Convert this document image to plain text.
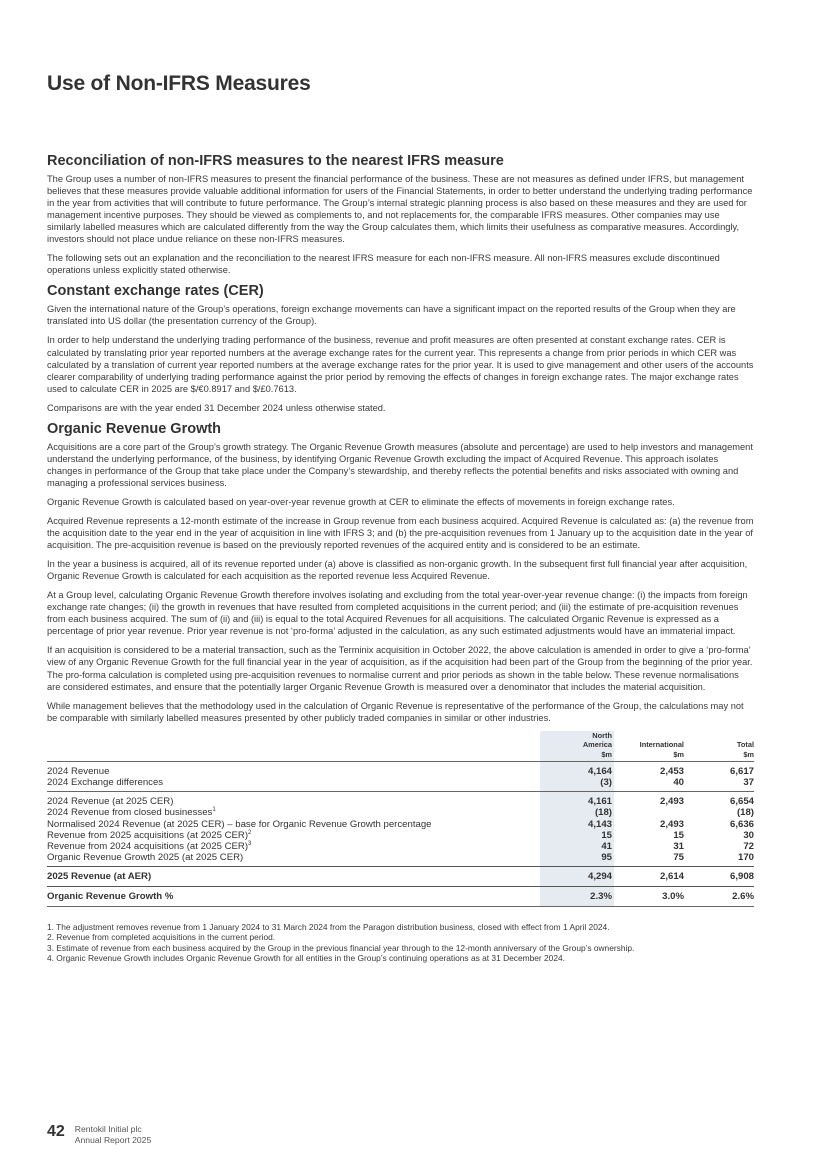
Use of Non-IFRS Measures
Reconciliation of non-IFRS measures to the nearest IFRS measure

The Group uses a number of non-IFRS measures to present the financial performance of the business. These are not measures as defined under IFRS, but management believes that these measures provide valuable additional information for users of the Financial Statements, in order to better understand the underlying trading performance in the year from activities that will contribute to future performance. The Group’s internal strategic planning process is also based on these measures and they are used for management incentive purposes. They should be viewed as complements to, and not replacements for, the comparable IFRS measures. Other companies may use similarly labelled measures which are calculated differently from the way the Group calculates them, which limits their usefulness as comparative measures. Accordingly, investors should not place undue reliance on these non-IFRS measures.

The following sets out an explanation and the reconciliation to the nearest IFRS measure for each non-IFRS measure. All non-IFRS measures exclude discontinued operations unless explicitly stated otherwise.

Constant exchange rates (CER)

Given the international nature of the Group’s operations, foreign exchange movements can have a significant impact on the reported results of the Group when they are translated into US dollar (the presentation currency of the Group).

In order to help understand the underlying trading performance of the business, revenue and profit measures are often presented at constant exchange rates. CER is calculated by translating prior year reported numbers at the average exchange rates for the current year. This represents a change from prior periods in which CER was calculated by a translation of current year reported numbers at the average exchange rates for the prior year. It is used to give management and other users of the accounts clearer comparability of underlying trading performance against the prior period by removing the effects of changes in foreign exchange rates. The major exchange rates used to calculate CER in 2025 are $/€0.8917 and $/£0.7613.

Comparisons are with the year ended 31 December 2024 unless otherwise stated.

Organic Revenue Growth

Acquisitions are a core part of the Group’s growth strategy. The Organic Revenue Growth measures (absolute and percentage) are used to help investors and management understand the underlying performance, of the business, by identifying Organic Revenue Growth excluding the impact of Acquired Revenue. This approach isolates changes in performance of the Group that take place under the Company’s stewardship, and thereby reflects the potential benefits and risks associated with owning and managing a professional services business.

Organic Revenue Growth is calculated based on year-over-year revenue growth at CER to eliminate the effects of movements in foreign exchange rates.

Acquired Revenue represents a 12-month estimate of the increase in Group revenue from each business acquired. Acquired Revenue is calculated as: (a) the revenue from the acquisition date to the year end in the year of acquisition in line with IFRS 3; and (b) the pre-acquisition revenues from 1 January up to the acquisition date in the year of acquisition. The pre-acquisition revenue is based on the previously reported revenues of the acquired entity and is considered to be an estimate.

In the year a business is acquired, all of its revenue reported under (a) above is classified as non-organic growth. In the subsequent first full financial year after acquisition, Organic Revenue Growth is calculated for each acquisition as the reported revenue less Acquired Revenue.

At a Group level, calculating Organic Revenue Growth therefore involves isolating and excluding from the total year-over-year revenue change: (i) the impacts from foreign exchange rate changes; (ii) the growth in revenues that have resulted from completed acquisitions in the current period; and (iii) the estimate of pre-acquisition revenues from each business acquired. The sum of (ii) and (iii) is equal to the total Acquired Revenues for all acquisitions. The calculated Organic Revenue is expressed as a percentage of prior year revenue. Prior year revenue is not ‘pro-forma’ adjusted in the calculation, as any such estimated adjustments would have an immaterial impact.

If an acquisition is considered to be a material transaction, such as the Terminix acquisition in October 2022, the above calculation is amended in order to give a ‘pro-forma’ view of any Organic Revenue Growth for the full financial year in the year of acquisition, as if the acquisition had been part of the Group from the beginning of the prior year. The pro-forma calculation is completed using pre-acquisition revenues to normalise current and prior periods as shown in the table below. These revenue normalisations are considered estimates, and ensure that the potentially larger Organic Revenue Growth is measured over a denominator that includes the material acquisition.

While management believes that the methodology used in the calculation of Organic Revenue is representative of the performance of the Group, the calculations may not be comparable with similarly labelled measures presented by other publicly traded companies in similar or other industries.

	North
America
$m	International
$m	Total
$m
2024 Revenue	4,164	2,453	6,617
2024 Exchange differences	(3)	40	37
2024 Revenue (at 2025 CER)	4,161	2,493	6,654
2024 Revenue from closed businesses$^1$	(18)		(18)
Normalised 2024 Revenue (at 2025 CER) – base for Organic Revenue Growth percentage	4,143	2,493	6,636
Revenue from 2025 acquisitions (at 2025 CER)$^2$	15	15	30
Revenue from 2024 acquisitions (at 2025 CER)$^3$	41	31	72
Organic Revenue Growth 2025 (at 2025 CER)	95	75	170
2025 Revenue (at AER)	4,294	2,614	6,908
Organic Revenue Growth %	2.3%	3.0%	2.6%
1. The adjustment removes revenue from 1 January 2024 to 31 March 2024 from the Paragon distribution business, closed with effect from 1 April 2024.
2. Revenue from completed acquisitions in the current period.
3. Estimate of revenue from each business acquired by the Group in the previous financial year through to the 12-month anniversary of the Group’s ownership.
4. Organic Revenue Growth includes Organic Revenue Growth for all entities in the Group’s continuing operations as at 31 December 2024.
42 Rentokil Initial plc
Annual Report 2025
